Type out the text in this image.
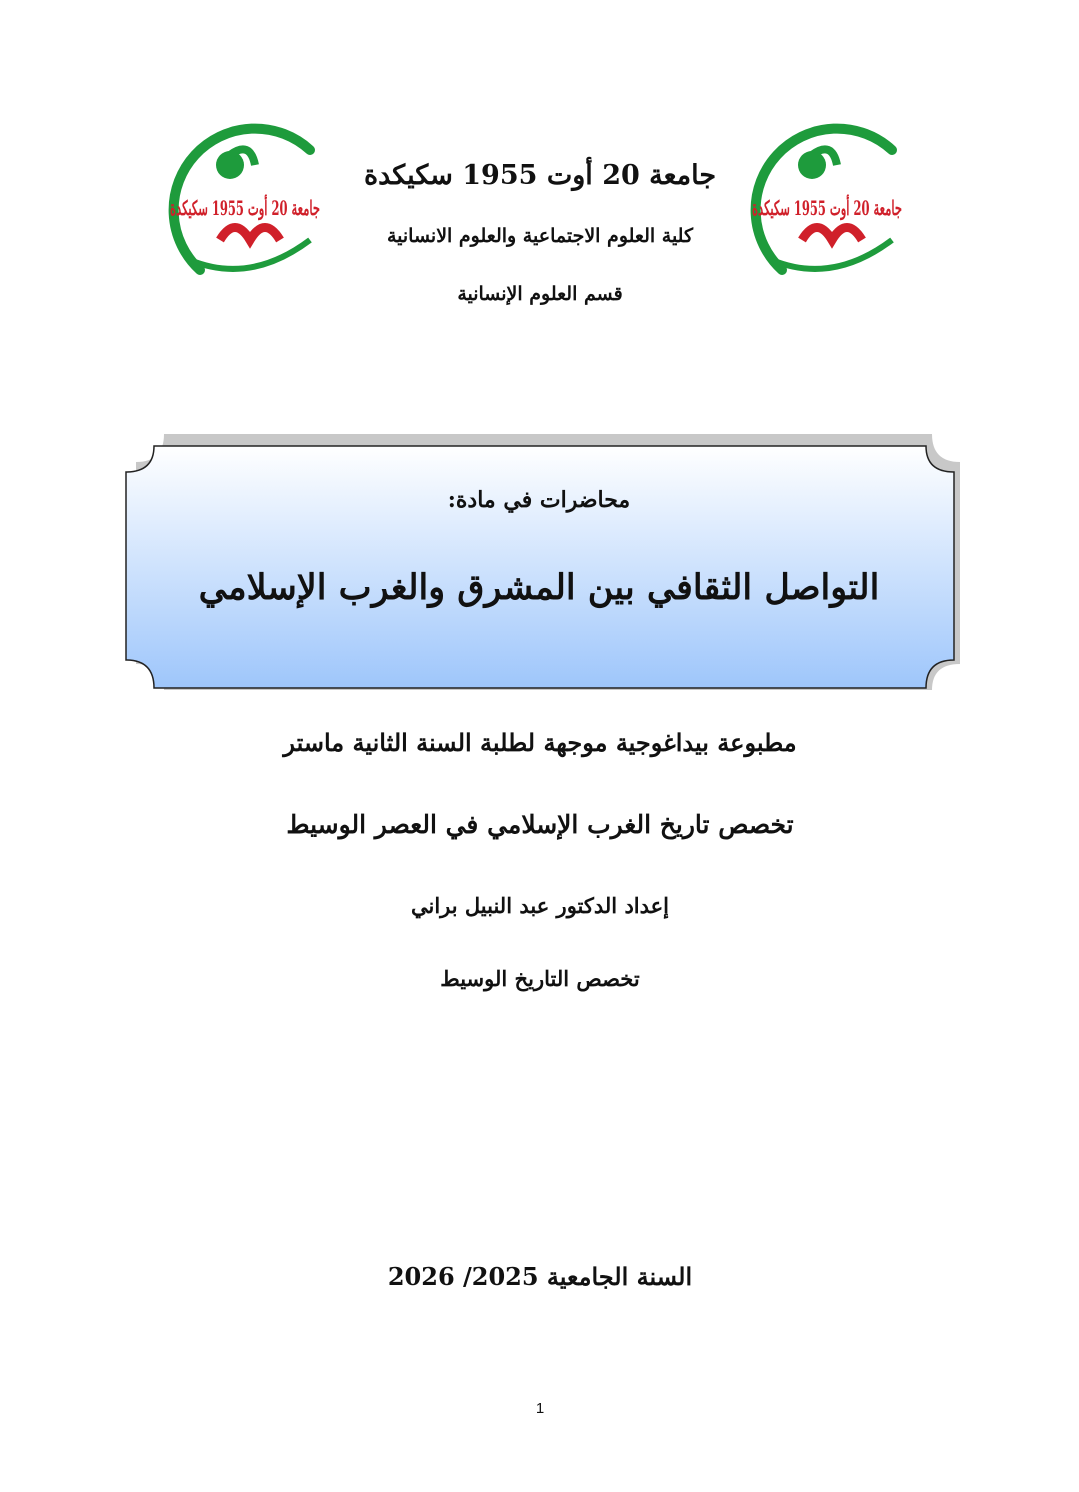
جامعة 20 أوت 1955 سكيكدة	جامعة 20 أوت 1955 سكيكدة
جامعة 20 أوت 1955 سكيكدة
كلية العلوم الاجتماعية والعلوم الانسانية
قسم العلوم الإنسانية
محاضرات في مادة:
التواصل الثقافي بين المشرق والغرب الإسلامي
مطبوعة بيداغوجية موجهة لطلبة السنة الثانية ماستر
تخصص تاريخ الغرب الإسلامي في العصر الوسيط
إعداد الدكتور عبد النبيل براني
تخصص التاريخ الوسيط
السنة الجامعية 2025/ 2026
1
